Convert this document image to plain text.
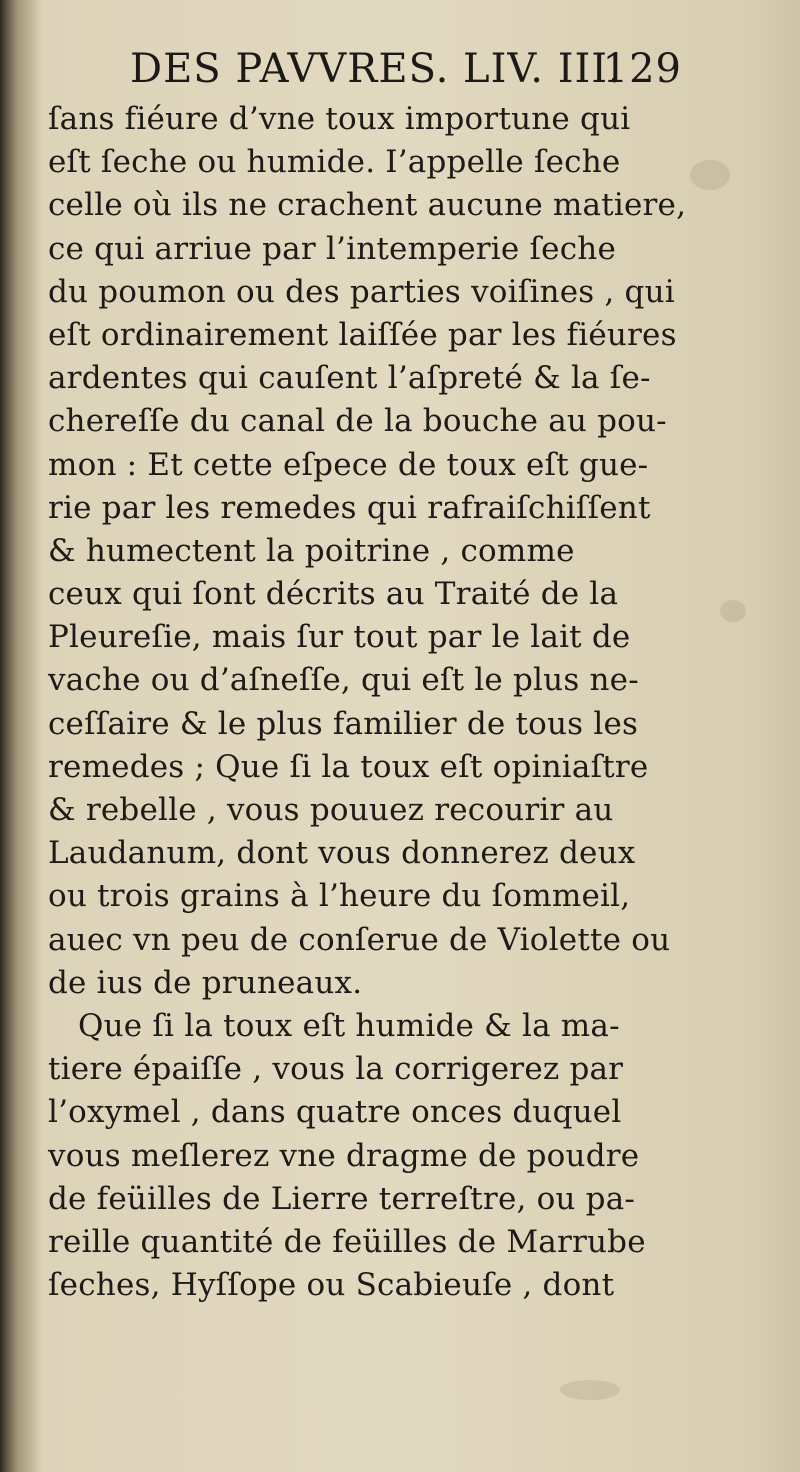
DES PAVVRES. LIV. III.
129
ſans fiéure d’vne toux importune qui
eſt ſeche ou humide. I’appelle ſeche
celle où ils ne crachent aucune matiere,
ce qui arriue par l’intemperie ſeche
du poumon ou des parties voiſines , qui
eſt ordinairement laiſſée par les fiéures
ardentes qui cauſent l’aſpreté & la ſe-
chereſſe du canal de la bouche au pou-
mon : Et cette eſpece de toux eſt gue-
rie par les remedes qui rafraiſchiſſent
& humectent la poitrine , comme
ceux qui ſont décrits au Traité de la
Pleureſie, mais ſur tout par le lait de
vache ou d’aſneſſe, qui eſt le plus ne-
ceſſaire & le plus familier de tous les
remedes ; Que ſi la toux eſt opiniaſtre
& rebelle , vous pouuez recourir au
Laudanum, dont vous donnerez deux
ou trois grains à l’heure du ſommeil,
auec vn peu de conſerue de Violette ou
de ius de pruneaux.
Que ſi la toux eſt humide & la ma-
tiere épaiſſe , vous la corrigerez par
l’oxymel , dans quatre onces duquel
vous meſlerez vne dragme de poudre
de feüilles de Lierre terreſtre, ou pa-
reille quantité de feüilles de Marrube
ſeches, Hyſſope ou Scabieuſe , dont
